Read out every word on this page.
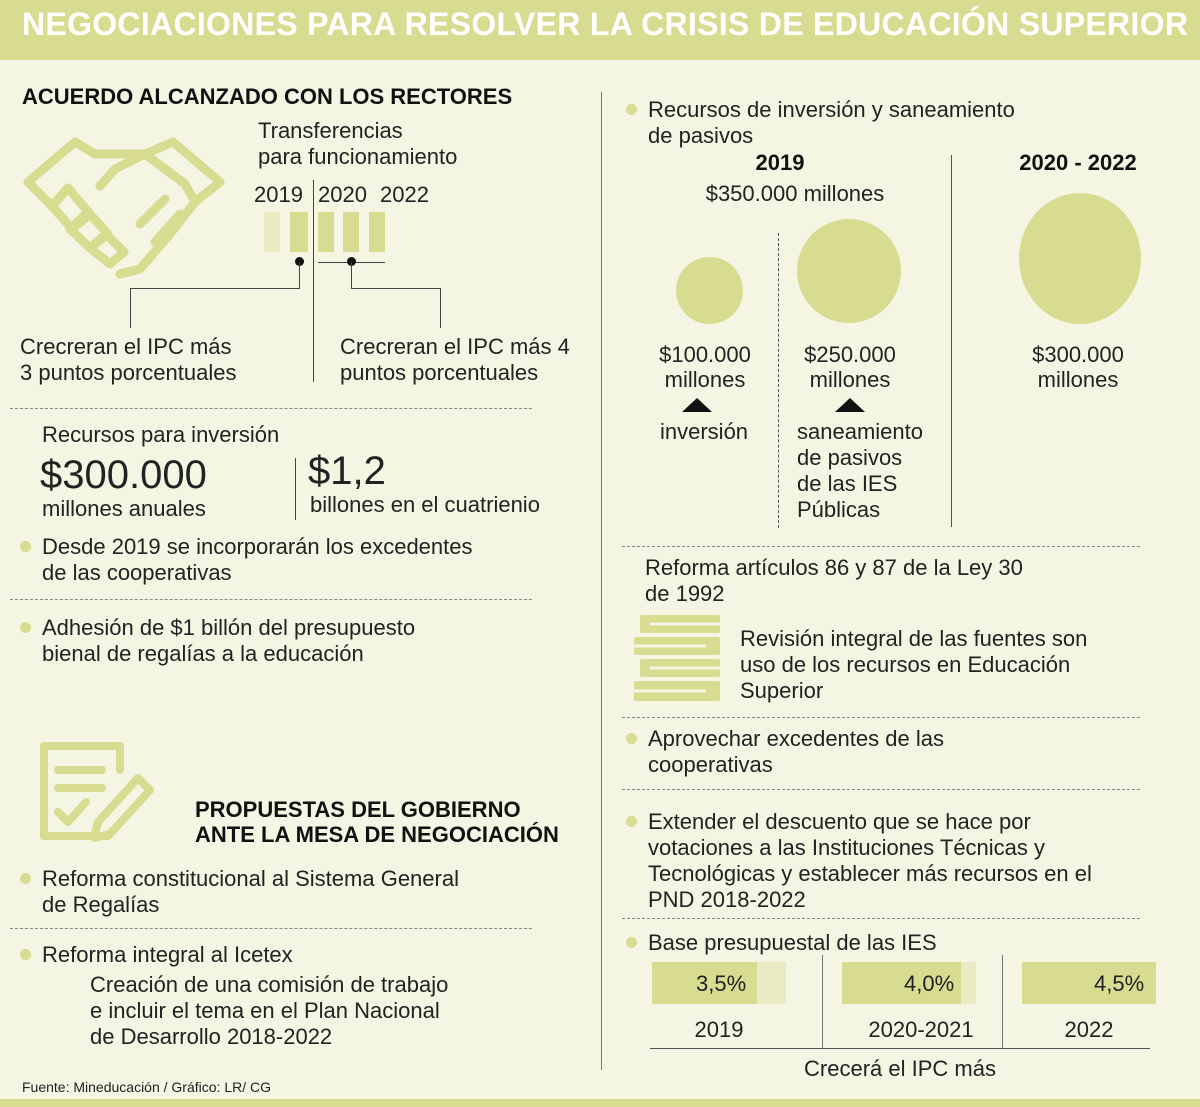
NEGOCIACIONES PARA RESOLVER LA CRISIS DE EDUCACIÓN SUPERIOR
ACUERDO ALCANZADO CON LOS RECTORES
Transferencias
para funcionamiento
2019 2020 2022
Crecreran el IPC más
3 puntos porcentuales
Crecreran el IPC más 4
puntos porcentuales
Recursos para inversión
$300.000
millones anuales
$1,2
billones en el cuatrienio
Desde 2019 se incorporarán los excedentes
de las cooperativas
Adhesión de $1 billón del presupuesto
bienal de regalías a la educación
PROPUESTAS DEL GOBIERNO
ANTE LA MESA DE NEGOCIACIÓN
Reforma constitucional al Sistema General
de Regalías
Reforma integral al Icetex
Creación de una comisión de trabajo
e incluir el tema en el Plan Nacional
de Desarrollo 2018-2022
Fuente: Mineducación / Gráfico: LR/ CG
Recursos de inversión y saneamiento
de pasivos
2019	2020 - 2022
$350.000 millones
$100.000
millones
inversión
$250.000
millones
saneamiento
de pasivos
de las IES
Públicas
$300.000
millones
Reforma artículos 86 y 87 de la Ley 30
de 1992
Revisión integral de las fuentes son
uso de los recursos en Educación
Superior
Aprovechar excedentes de las
cooperativas
Extender el descuento que se hace por
votaciones a las Instituciones Técnicas y
Tecnológicas y establecer más recursos en el
PND 2018-2022
Base presupuestal de las IES
3,5%
2019
4,0%
2020-2021
4,5%
2022
Crecerá el IPC más
